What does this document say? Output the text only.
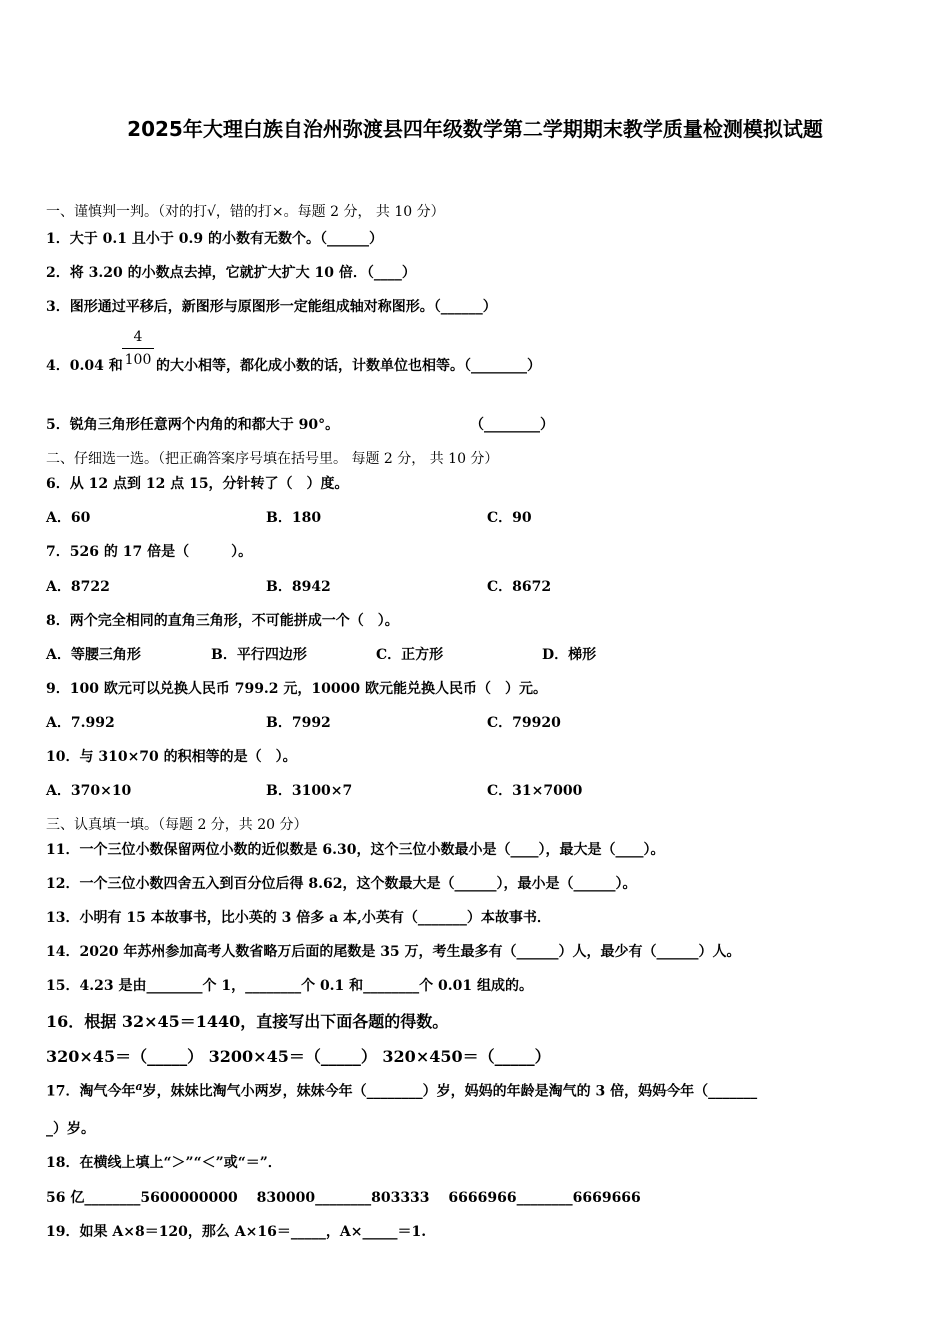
2025年大理白族自治州弥渡县四年级数学第二学期期末教学质量检测模拟试题
一、谨慎判一判。（对的打√，错的打×。每题 2 分， 共 10 分）
1．大于 0.1 且小于 0.9 的小数有无数个。（______）
2．将 3.20 的小数点去掉，它就扩大扩大 10 倍．（____）
3．图形通过平移后，新图形与原图形一定能组成轴对称图形。（______）
4．0.04 和
4
100 的大小相等，都化成小数的话，计数单位也相等。（________）
5．锐角三角形任意两个内角的和都大于 90°。	（________）
二、仔细选一选。（把正确答案序号填在括号里。 每题 2 分， 共 10 分）
6．从 12 点到 12 点 15，分针转了（　）度。
A．60	B．180	C．90
7．526 的 17 倍是（　　　）。
A．8722	B．8942	C．8672
8．两个完全相同的直角三角形，不可能拼成一个（　）。
A．等腰三角形	B．平行四边形	C．正方形	D．梯形
9．100 欧元可以兑换人民币 799.2 元，10000 欧元能兑换人民币（　）元。
A．7.992	B．7992	C．79920
10．与 310×70 的积相等的是（　）。
A．370×10	B．3100×7	C．31×7000
三、认真填一填。（每题 2 分，共 20 分）
11．一个三位小数保留两位小数的近似数是 6.30，这个三位小数最小是（____），最大是（____）。
12．一个三位小数四舍五入到百分位后得 8.62，这个数最大是（______），最小是（______）。
13．小明有 15 本故事书，比小英的 3 倍多 a 本,小英有（_______）本故事书．
14．2020 年苏州参加高考人数省略万后面的尾数是 35 万，考生最多有（______）人，最少有（______）人。
15．4.23 是由________个 1，________个 0.1 和________个 0.01 组成的。
16．根据 32×45＝1440，直接写出下面各题的得数。
320×45＝（_____） 3200×45＝（_____） 320×450＝（_____）
17．淘气今年$^a$岁，妹妹比淘气小两岁，妹妹今年（________）岁，妈妈的年龄是淘气的 3 倍，妈妈今年（_______
_）岁。
18．在横线上填上“＞”“＜”或“＝”．
56 亿________5600000000　 830000________803333　 6666966________6669666
19．如果 A×8＝120，那么 A×16＝_____，A×_____＝1.
